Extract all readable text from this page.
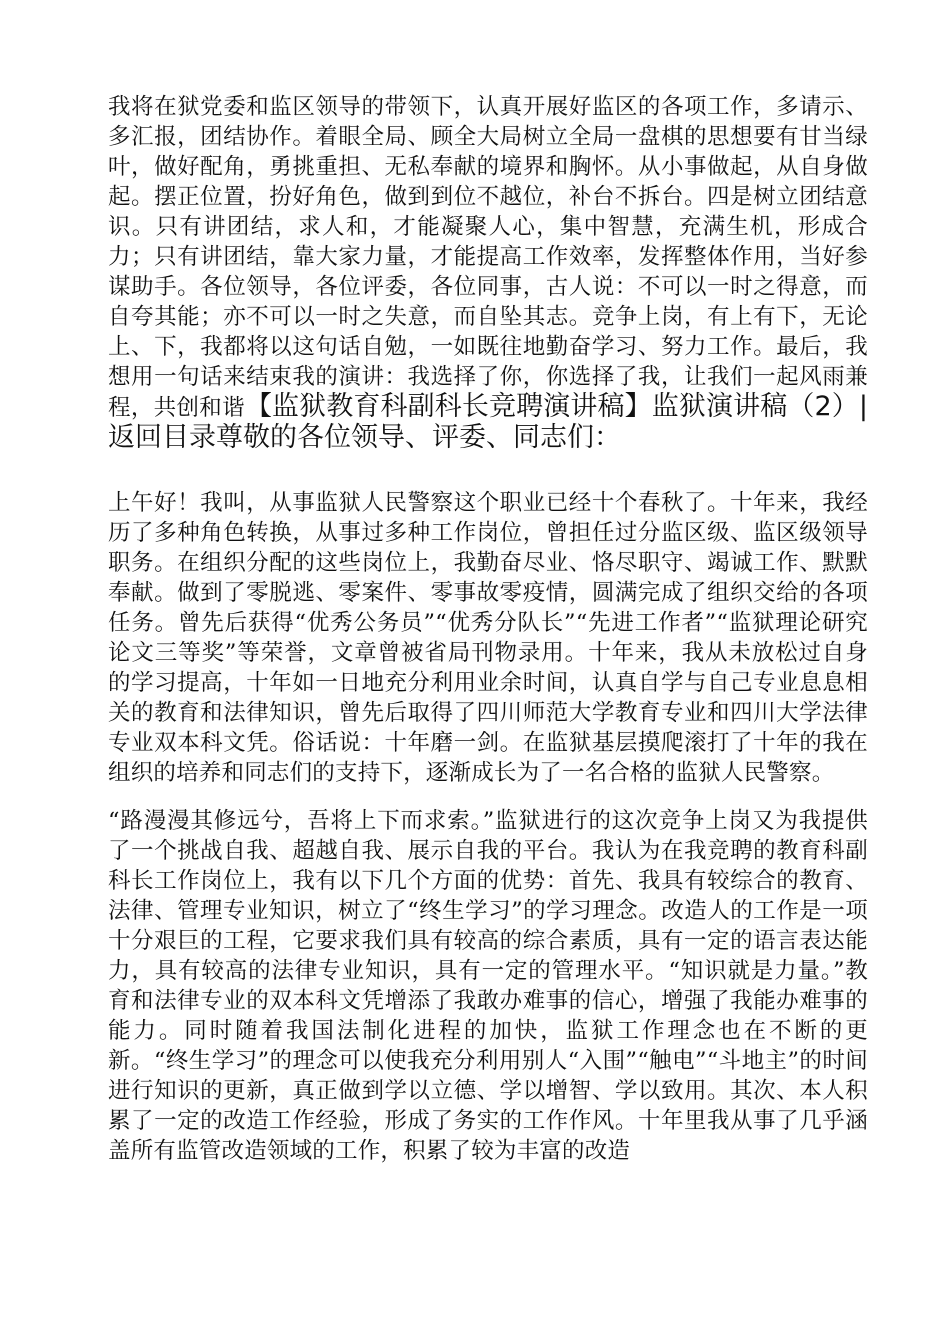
我将在狱党委和监区领导的带领下，认真开展好监区的各项工作，多请示、多汇报，团结协作。着眼全局、顾全大局树立全局一盘棋的思想要有甘当绿叶，做好配角，勇挑重担、无私奉献的境界和胸怀。从小事做起，从自身做起。摆正位置，扮好角色，做到到位不越位，补台不拆台。四是树立团结意识。只有讲团结，求人和，才能凝聚人心，集中智慧，充满生机，形成合力；只有讲团结，靠大家力量，才能提高工作效率，发挥整体作用，当好参谋助手。各位领导，各位评委，各位同事，古人说：不可以一时之得意，而自夸其能；亦不可以一时之失意，而自坠其志。竞争上岗，有上有下，无论上、下，我都将以这句话自勉，一如既往地勤奋学习、努力工作。最后，我想用一句话来结束我的演讲：我选择了你，你选择了我，让我们一起风雨兼程，共创和谐【监狱教育科副科长竞聘演讲稿】监狱演讲稿（2）|返回目录尊敬的各位领导、评委、同志们：
上午好！我叫，从事监狱人民警察这个职业已经十个春秋了。十年来，我经历了多种角色转换，从事过多种工作岗位，曾担任过分监区级、监区级领导职务。在组织分配的这些岗位上，我勤奋尽业、恪尽职守、竭诚工作、默默奉献。做到了零脱逃、零案件、零事故零疫情，圆满完成了组织交给的各项任务。曾先后获得“优秀公务员”“优秀分队长”“先进工作者”“监狱理论研究论文三等奖”等荣誉，文章曾被省局刊物录用。十年来，我从未放松过自身的学习提高，十年如一日地充分利用业余时间，认真自学与自己专业息息相关的教育和法律知识，曾先后取得了四川师范大学教育专业和四川大学法律专业双本科文凭。俗话说：十年磨一剑。在监狱基层摸爬滚打了十年的我在组织的培养和同志们的支持下，逐渐成长为了一名合格的监狱人民警察。
“路漫漫其修远兮，吾将上下而求索。”监狱进行的这次竞争上岗又为我提供了一个挑战自我、超越自我、展示自我的平台。我认为在我竞聘的教育科副科长工作岗位上，我有以下几个方面的优势：首先、我具有较综合的教育、法律、管理专业知识，树立了“终生学习”的学习理念。改造人的工作是一项十分艰巨的工程，它要求我们具有较高的综合素质，具有一定的语言表达能力，具有较高的法律专业知识，具有一定的管理水平。“知识就是力量。”教育和法律专业的双本科文凭增添了我敢办难事的信心，增强了我能办难事的能力。同时随着我国法制化进程的加快，监狱工作理念也在不断的更新。“终生学习”的理念可以使我充分利用别人“入围”“触电”“斗地主”的时间进行知识的更新，真正做到学以立德、学以增智、学以致用。其次、本人积累了一定的改造工作经验，形成了务实的工作作风。十年里我从事了几乎涵盖所有监管改造领域的工作，积累了较为丰富的改造
